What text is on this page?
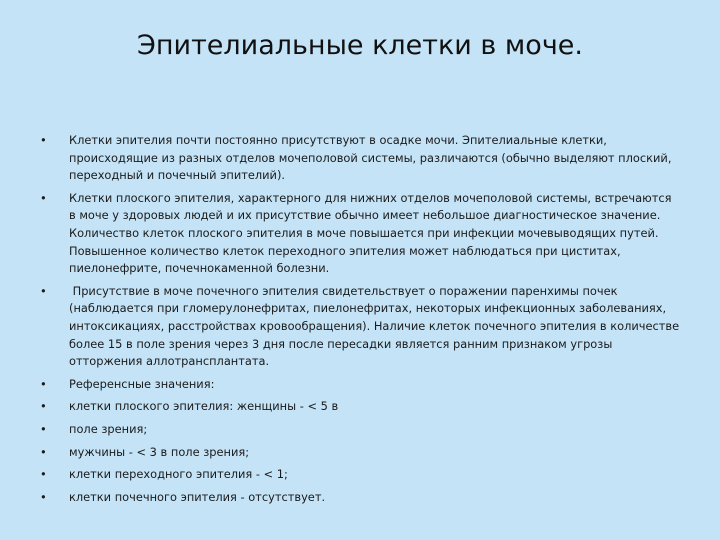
Эпителиальные клетки в моче.
• Клетки эпителия почти постоянно присутствуют в осадке мочи. Эпителиальные клетки, происходящие из разных отделов мочеполовой системы, различаются (обычно выделяют плоский, переходный и почечный эпителий).
• Клетки плоского эпителия, характерного для нижних отделов мочеполовой системы, встречаются в моче у здоровых людей и их присутствие обычно имеет небольшое диагностическое значение. Количество клеток плоского эпителия в моче повышается при инфекции мочевыводящих путей. Повышенное количество клеток переходного эпителия может наблюдаться при циститах, пиелонефрите, почечнокаменной болезни.
• Присутствие в моче почечного эпителия свидетельствует о поражении паренхимы почек (наблюдается при гломерулонефритах, пиелонефритах, некоторых инфекционных заболеваниях, интоксикациях, расстройствах кровообращения). Наличие клеток почечного эпителия в количестве более 15 в поле зрения через 3 дня после пересадки является ранним признаком угрозы отторжения аллотрансплантата.
• Референсные значения:
• клетки плоского эпителия: женщины - < 5 в
• поле зрения;
• мужчины - < 3 в поле зрения;
• клетки переходного эпителия - < 1;
• клетки почечного эпителия - отсутствует.
